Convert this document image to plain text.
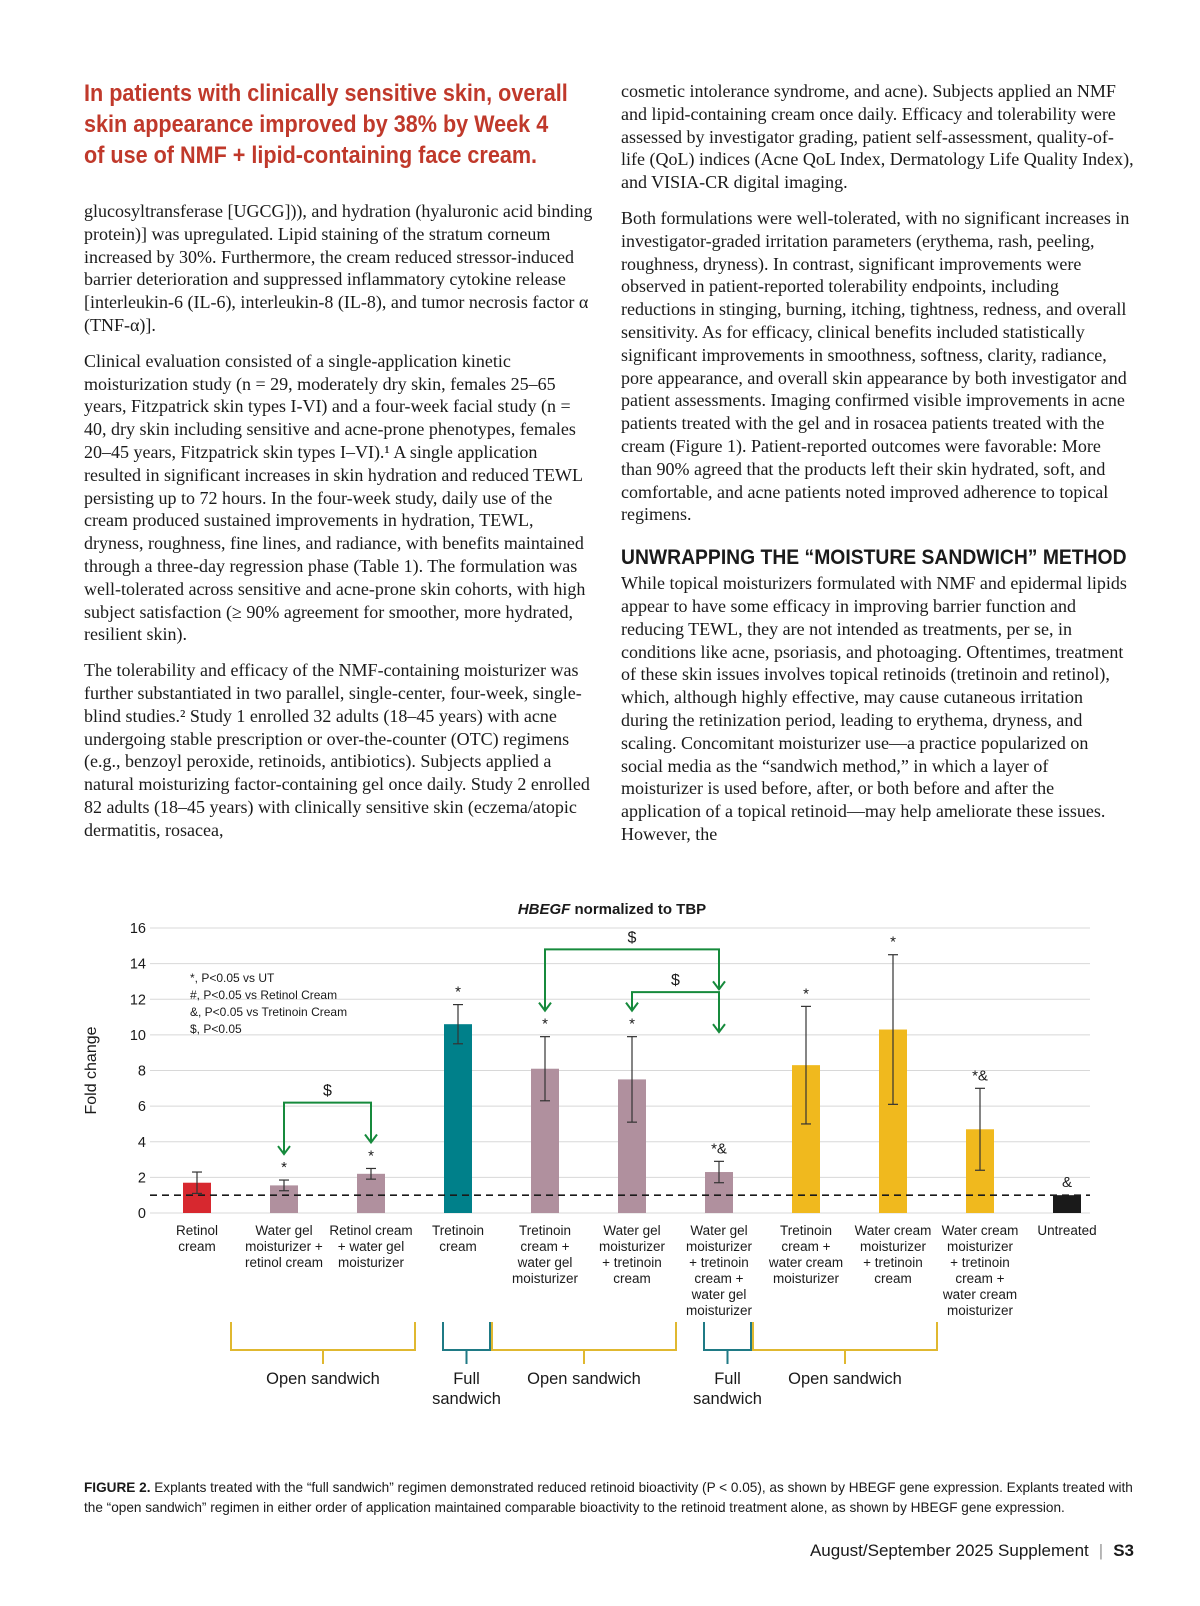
In patients with clinically sensitive skin, overall
skin appearance improved by 38% by Week 4
of use of NMF + lipid-containing face cream.

glucosyltransferase [UGCG])), and hydration (hyaluronic acid binding protein)] was upregulated. Lipid staining of the stratum corneum increased by 30%. Furthermore, the cream reduced stressor-induced barrier deterioration and suppressed inflammatory cytokine release [interleukin-6 (IL-6), interleukin-8 (IL-8), and tumor necrosis factor α (TNF-α)].

Clinical evaluation consisted of a single-application kinetic moisturization study (n = 29, moderately dry skin, females 25–65 years, Fitzpatrick skin types I-VI) and a four-week facial study (n = 40, dry skin including sensitive and acne-prone phenotypes, females 20–45 years, Fitzpatrick skin types I–VI).¹ A single application resulted in significant increases in skin hydration and reduced TEWL persisting up to 72 hours. In the four-week study, daily use of the cream produced sustained improvements in hydration, TEWL, dryness, roughness, fine lines, and radiance, with benefits maintained through a three-day regression phase (Table 1). The formulation was well-tolerated across sensitive and acne-prone skin cohorts, with high subject satisfaction (≥ 90% agreement for smoother, more hydrated, resilient skin).

The tolerability and efficacy of the NMF-containing moisturizer was further substantiated in two parallel, single-center, four-week, single-blind studies.² Study 1 enrolled 32 adults (18–45 years) with acne undergoing stable prescription or over-the-counter (OTC) regimens (e.g., benzoyl peroxide, retinoids, antibiotics). Subjects applied a natural moisturizing factor-containing gel once daily. Study 2 enrolled 82 adults (18–45 years) with clinically sensitive skin (eczema/atopic dermatitis, rosacea,

cosmetic intolerance syndrome, and acne). Subjects applied an NMF and lipid-containing cream once daily. Efficacy and tolerability were assessed by investigator grading, patient self-assessment, quality-of-life (QoL) indices (Acne QoL Index, Dermatology Life Quality Index), and VISIA-CR digital imaging.

Both formulations were well-tolerated, with no significant increases in investigator-graded irritation parameters (erythema, rash, peeling, roughness, dryness). In contrast, significant improvements were observed in patient-reported tolerability endpoints, including reductions in stinging, burning, itching, tightness, redness, and overall sensitivity. As for efficacy, clinical benefits included statistically significant improvements in smoothness, softness, clarity, radiance, pore appearance, and overall skin appearance by both investigator and patient assessments. Imaging confirmed visible improvements in acne patients treated with the gel and in rosacea patients treated with the cream (Figure 1). Patient-reported outcomes were favorable: More than 90% agreed that the products left their skin hydrated, soft, and comfortable, and acne patients noted improved adherence to topical regimens.

UNWRAPPING THE “MOISTURE SANDWICH” METHOD

While topical moisturizers formulated with NMF and epidermal lipids appear to have some efficacy in improving barrier function and reducing TEWL, they are not intended as treatments, per se, in conditions like acne, psoriasis, and photoaging. Oftentimes, treatment of these skin issues involves topical retinoids (tretinoin and retinol), which, although highly effective, may cause cutaneous irritation during the retinization period, leading to erythema, dryness, and scaling. Concomitant moisturizer use—a practice popularized on social media as the “sandwich method,” in which a layer of moisturizer is used before, after, or both before and after the application of a topical retinoid—may help ameliorate these issues. However, the

HBEGF normalized to TBP
0
2
4
6
8
10
12
14
16
Fold change
*, P<0.05 vs UT
#, P<0.05 vs Retinol Cream
&, P<0.05 vs Tretinoin Cream
$, P<0.05
Retinol
cream
*
Water gel
moisturizer +
retinol cream
*
Retinol cream
+ water gel
moisturizer
*
Tretinoin
cream
*
Tretinoin
cream +
water gel
moisturizer
*
Water gel
moisturizer
+ tretinoin
cream
*&
Water gel
moisturizer
+ tretinoin
cream +
water gel
moisturizer
*
Tretinoin
cream +
water cream
moisturizer
*
Water cream
moisturizer
+ tretinoin
cream
*&
Water cream
moisturizer
+ tretinoin
cream +
water cream
moisturizer
&
Untreated
$
$
$
Open sandwich	Full
sandwich
Open sandwich	Full
sandwich
Open sandwich
FIGURE 2. Explants treated with the “full sandwich” regimen demonstrated reduced retinoid bioactivity (P < 0.05), as shown by HBEGF gene expression. Explants treated with the “open sandwich” regimen in either order of application maintained comparable bioactivity to the retinoid treatment alone, as shown by HBEGF gene expression.
August/September 2025 Supplement | S3
